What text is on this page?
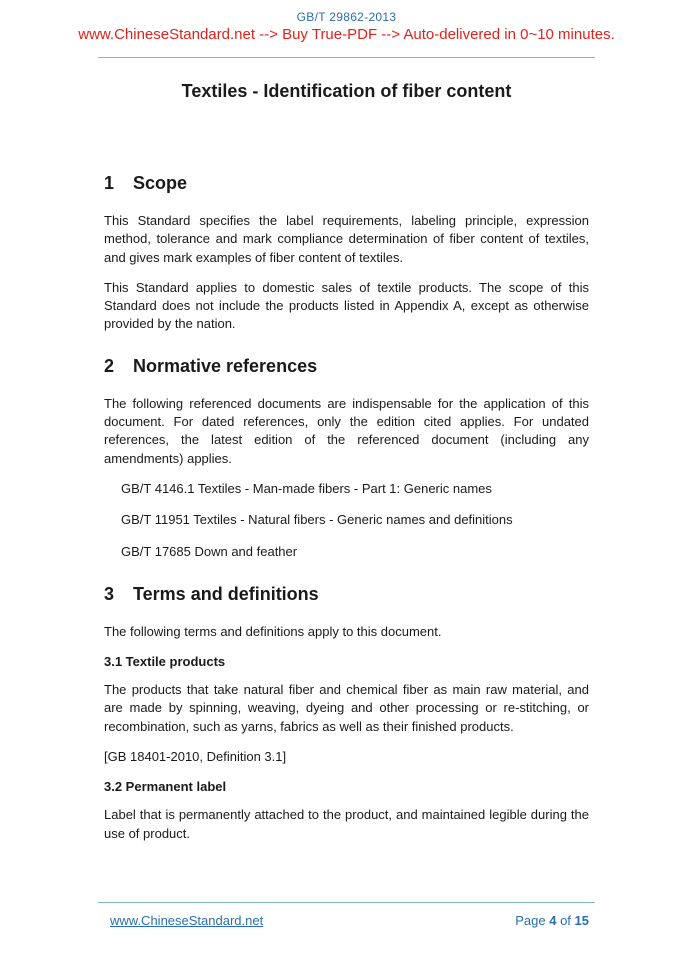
GB/T 29862-2013
www.ChineseStandard.net --> Buy True-PDF --> Auto-delivered in 0~10 minutes.
Textiles - Identification of fiber content
1 Scope

This Standard specifies the label requirements, labeling principle, expression method, tolerance and mark compliance determination of fiber content of textiles, and gives mark examples of fiber content of textiles.

This Standard applies to domestic sales of textile products. The scope of this Standard does not include the products listed in Appendix A, except as otherwise provided by the nation.

2 Normative references

The following referenced documents are indispensable for the application of this document. For dated references, only the edition cited applies. For undated references, the latest edition of the referenced document (including any amendments) applies.

GB/T 4146.1 Textiles - Man-made fibers - Part 1: Generic names
GB/T 11951 Textiles - Natural fibers - Generic names and definitions
GB/T 17685 Down and feather
3 Terms and definitions

The following terms and definitions apply to this document.

3.1 Textile products

The products that take natural fiber and chemical fiber as main raw material, and are made by spinning, weaving, dyeing and other processing or re-stitching, or recombination, such as yarns, fabrics as well as their finished products.

[GB 18401-2010, Definition 3.1]

3.2 Permanent label

Label that is permanently attached to the product, and maintained legible during the use of product.

www.ChineseStandard.net	Page 4 of 15
